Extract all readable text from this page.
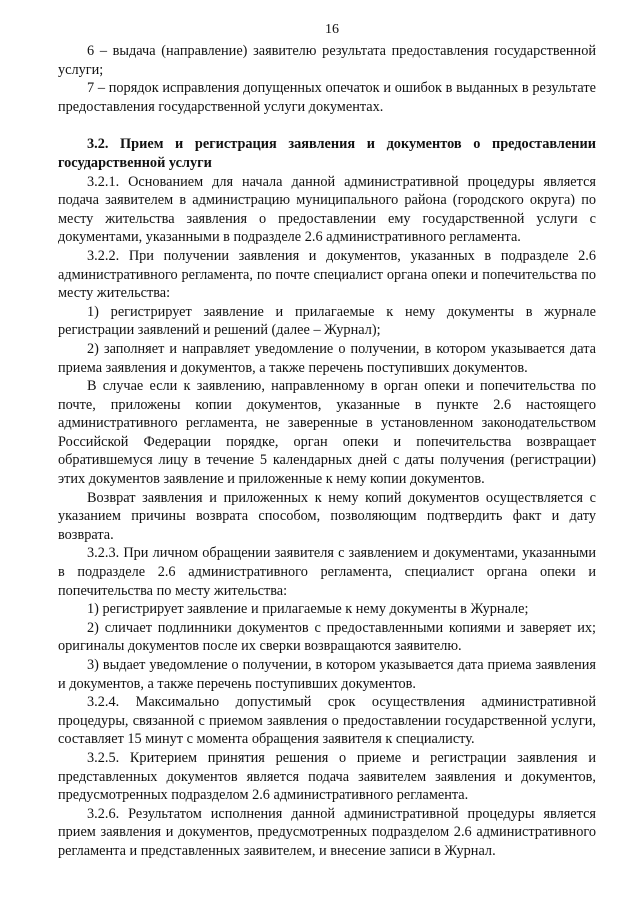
16

6 – выдача (направление) заявителю результата предоставления государственной услуги;

7 – порядок исправления допущенных опечаток и ошибок в выданных в результате предоставления государственной услуги документах.

3.2. Прием и регистрация заявления и документов о предоставлении государственной услуги

3.2.1. Основанием для начала данной административной процедуры является подача заявителем в администрацию муниципального района (городского округа) по месту жительства заявления о предоставлении ему государственной услуги с документами, указанными в подразделе 2.6 административного регламента.

3.2.2. При получении заявления и документов, указанных в подразделе 2.6 административного регламента, по почте специалист органа опеки и попечительства по месту жительства:

1) регистрирует заявление и прилагаемые к нему документы в журнале регистрации заявлений и решений (далее – Журнал);

2) заполняет и направляет уведомление о получении, в котором указывается дата приема заявления и документов, а также перечень поступивших документов.

В случае если к заявлению, направленному в орган опеки и попечительства по почте, приложены копии документов, указанные в пункте 2.6 настоящего административного регламента, не заверенные в установленном законодательством Российской Федерации порядке, орган опеки и попечительства возвращает обратившемуся лицу в течение 5 календарных дней с даты получения (регистрации) этих документов заявление и приложенные к нему копии документов.

Возврат заявления и приложенных к нему копий документов осуществляется с указанием причины возврата способом, позволяющим подтвердить факт и дату возврата.

3.2.3. При личном обращении заявителя с заявлением и документами, указанными в подразделе 2.6 административного регламента, специалист органа опеки и попечительства по месту жительства:

1) регистрирует заявление и прилагаемые к нему документы в Журнале;

2) сличает подлинники документов с предоставленными копиями и заверяет их; оригиналы документов после их сверки возвращаются заявителю.

3) выдает уведомление о получении, в котором указывается дата приема заявления и документов, а также перечень поступивших документов.

3.2.4. Максимально допустимый срок осуществления административной процедуры, связанной с приемом заявления о предоставлении государственной услуги, составляет 15 минут с момента обращения заявителя к специалисту.

3.2.5. Критерием принятия решения о приеме и регистрации заявления и представленных документов является подача заявителем заявления и документов, предусмотренных подразделом 2.6 административного регламента.

3.2.6. Результатом исполнения данной административной процедуры является прием заявления и документов, предусмотренных подразделом 2.6 административного регламента и представленных заявителем, и внесение записи в Журнал.
